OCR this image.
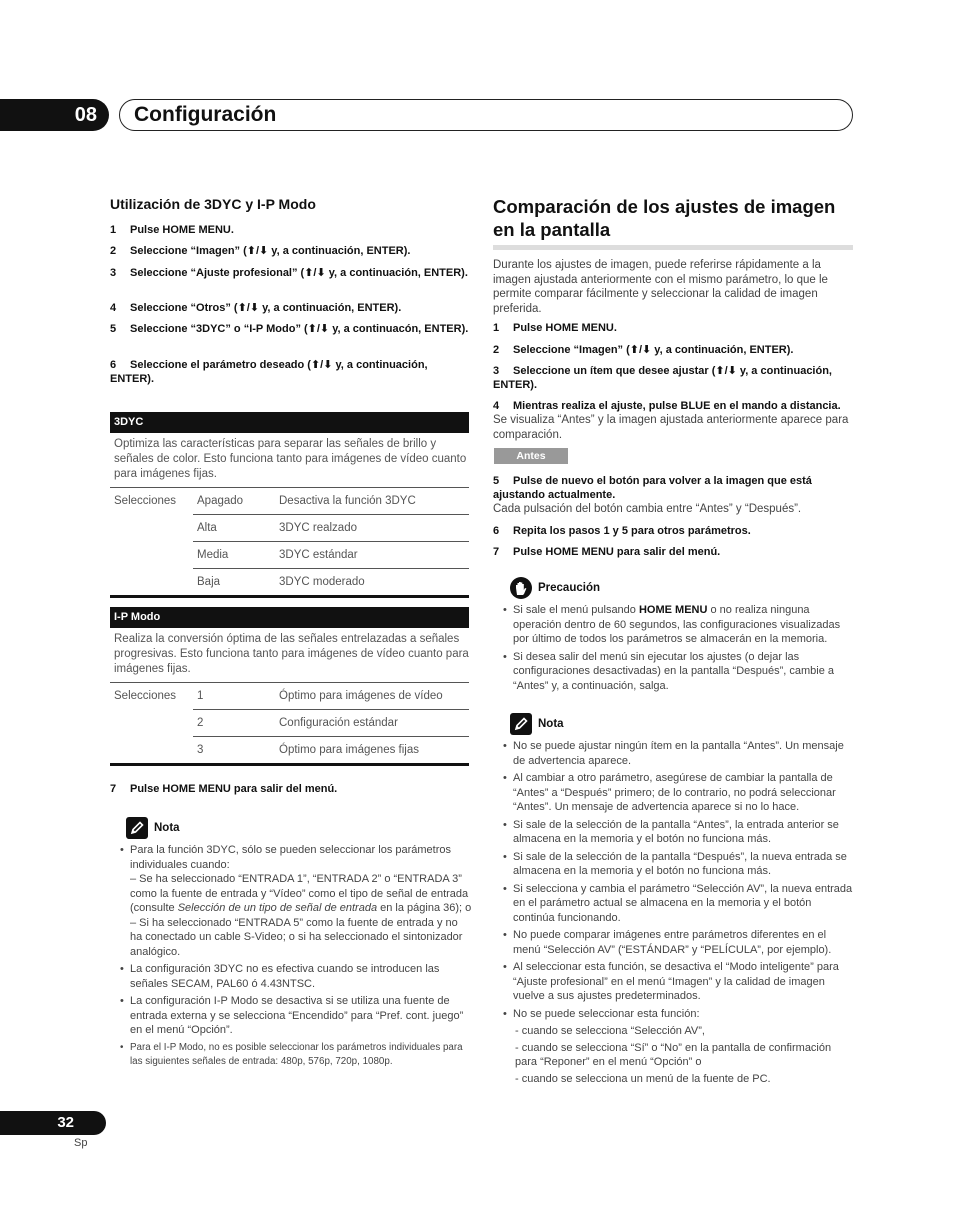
08	Configuración
Utilización de 3DYC y I-P Modo
1 Pulse HOME MENU.
2 Seleccione “Imagen” (⬆/⬇ y, a continuación, ENTER).
3 Seleccione “Ajuste profesional” (⬆/⬇ y, a continuación, ENTER).
4 Seleccione “Otros” (⬆/⬇ y, a continuación, ENTER).
5 Seleccione “3DYC” o “I-P Modo” (⬆/⬇ y, a continuacón, ENTER).
6 Seleccione el parámetro deseado (⬆/⬇ y, a continuación, ENTER).
3DYC
Optimiza las características para separar las señales de brillo y señales de color. Esto funciona tanto para imágenes de vídeo cuanto para imágenes fijas.
Selecciones	Apagado	Desactiva la función 3DYC
	Alta	3DYC realzado
	Media	3DYC estándar
	Baja	3DYC moderado
I-P Modo
Realiza la conversión óptima de las señales entrelazadas a señales progresivas. Esto funciona tanto para imágenes de vídeo cuanto para imágenes fijas.
Selecciones	1	Óptimo para imágenes de vídeo
	2	Configuración estándar
	3	Óptimo para imágenes fijas
7 Pulse HOME MENU para salir del menú.
Nota
• Para la función 3DYC, sólo se pueden seleccionar los parámetros individuales cuando:
– Se ha seleccionado “ENTRADA 1”, “ENTRADA 2” o “ENTRADA 3” como la fuente de entrada y “Vídeo” como el tipo de señal de entrada (consulte Selección de un tipo de señal de entrada en la página 36); o
– Si ha seleccionado “ENTRADA 5” como la fuente de entrada y no ha conectado un cable S-Video; o si ha seleccionado el sintonizador analógico.
• La configuración 3DYC no es efectiva cuando se introducen las señales SECAM, PAL60 ó 4.43NTSC.
• La configuración I-P Modo se desactiva si se utiliza una fuente de entrada externa y se selecciona “Encendido” para “Pref. cont. juego” en el menú “Opción”.
• Para el I-P Modo, no es posible seleccionar los parámetros individuales para las siguientes señales de entrada: 480p, 576p, 720p, 1080p.
Comparación de los ajustes de imagen en la pantalla
Durante los ajustes de imagen, puede referirse rápidamente a la imagen ajustada anteriormente con el mismo parámetro, lo que le permite comparar fácilmente y seleccionar la calidad de imagen preferida.
1 Pulse HOME MENU.
2 Seleccione “Imagen” (⬆/⬇ y, a continuación, ENTER).
3 Seleccione un ítem que desee ajustar (⬆/⬇ y, a continuación, ENTER).
4 Mientras realiza el ajuste, pulse BLUE en el mando a distancia.
Se visualiza “Antes” y la imagen ajustada anteriormente aparece para comparación.
Antes
5 Pulse de nuevo el botón para volver a la imagen que está ajustando actualmente.
Cada pulsación del botón cambia entre “Antes” y “Después”.
6 Repita los pasos 1 y 5 para otros parámetros.
7 Pulse HOME MENU para salir del menú.
Precaución
• Si sale el menú pulsando HOME MENU o no realiza ninguna operación dentro de 60 segundos, las configuraciones visualizadas por último de todos los parámetros se almacerán en la memoria.
• Si desea salir del menú sin ejecutar los ajustes (o dejar las configuraciones desactivadas) en la pantalla “Después”, cambie a “Antes” y, a continuación, salga.
Nota
• No se puede ajustar ningún ítem en la pantalla “Antes”. Un mensaje de advertencia aparece.
• Al cambiar a otro parámetro, asegúrese de cambiar la pantalla de “Antes” a “Después” primero; de lo contrario, no podrá seleccionar “Antes”. Un mensaje de advertencia aparece si no lo hace.
• Si sale de la selección de la pantalla “Antes”, la entrada anterior se almacena en la memoria y el botón no funciona más.
• Si sale de la selección de la pantalla “Después”, la nueva entrada se almacena en la memoria y el botón no funciona más.
• Si selecciona y cambia el parámetro “Selección AV”, la nueva entrada en el parámetro actual se almacena en la memoria y el botón continúa funcionando.
• No puede comparar imágenes entre parámetros diferentes en el menú “Selección AV” (“ESTÁNDAR” y “PELÍCULA”, por ejemplo).
• Al seleccionar esta función, se desactiva el “Modo inteligente” para “Ajuste profesional” en el menú “Imagen” y la calidad de imagen vuelve a sus ajustes predeterminados.
• No se puede seleccionar esta función:
- cuando se selecciona “Selección AV”,
- cuando se selecciona “Sí” o “No” en la pantalla de confirmación para “Reponer” en el menú “Opción” o
- cuando se selecciona un menú de la fuente de PC.
32
Sp
